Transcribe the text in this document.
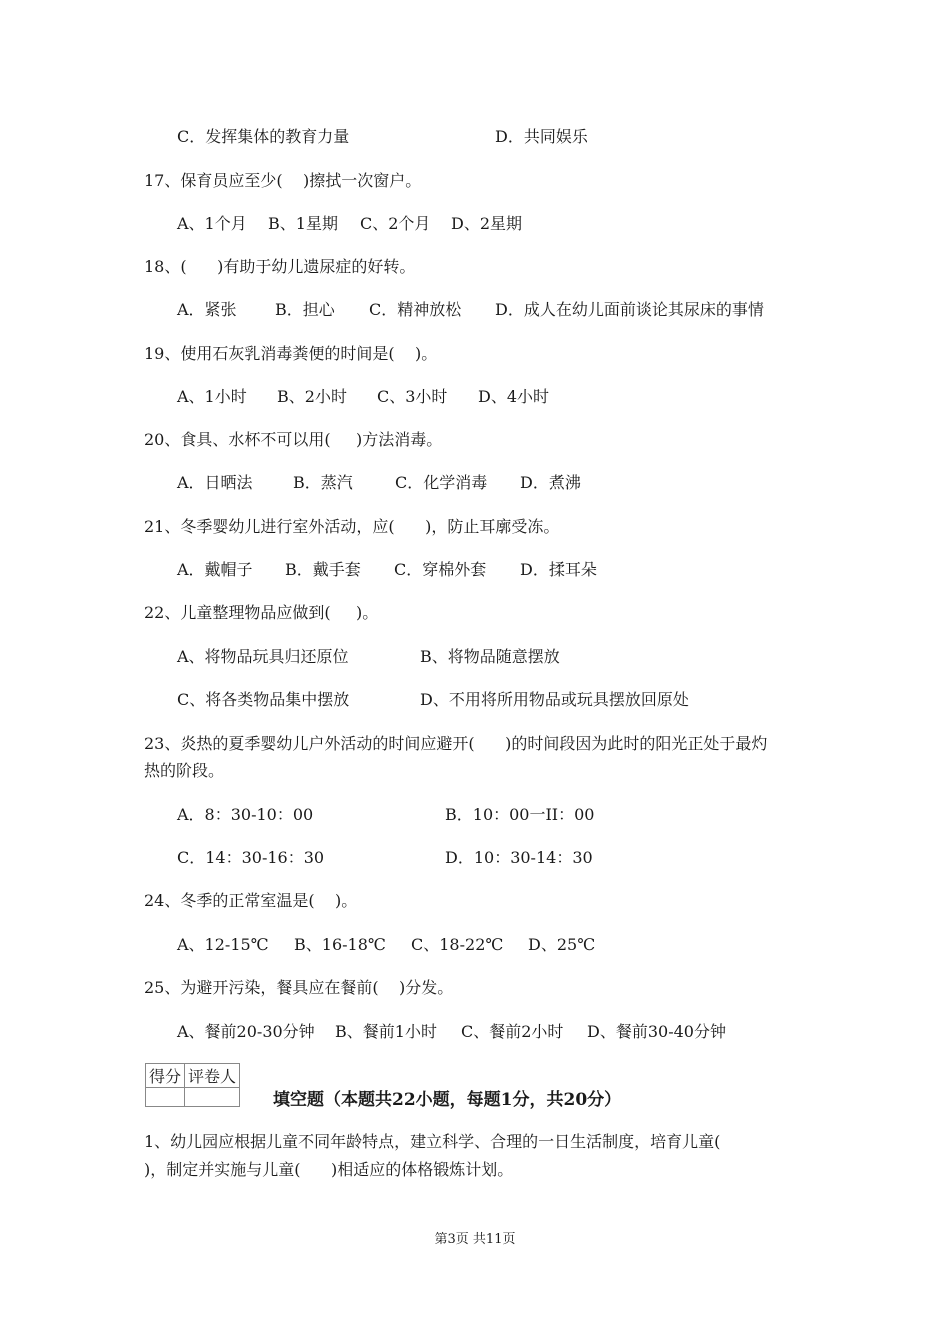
C．发挥集体的教育力量	D．共同娱乐
17、保育员应至少(    )擦拭一次窗户。
A、1个月 B、1星期 C、2个月 D、2星期
18、(      )有助于幼儿遗尿症的好转。
A．紧张 B．担心 C．精神放松 D．成人在幼儿面前谈论其尿床的事情
19、使用石灰乳消毒粪便的时间是(    )。
A、1小时 B、2小时 C、3小时 D、4小时
20、食具、水杯不可以用(     )方法消毒。
A．日晒法	B．蒸汽	C．化学消毒 D．煮沸
21、冬季婴幼儿进行室外活动，应(      )，防止耳廓受冻。
A．戴帽子 B．戴手套 C．穿棉外套 D．揉耳朵
22、儿童整理物品应做到(     )。
A、将物品玩具归还原位	B、将物品随意摆放
C、将各类物品集中摆放	D、不用将所用物品或玩具摆放回原处
23、炎热的夏季婴幼儿户外活动的时间应避开(      )的时间段因为此时的阳光正处于最灼
热的阶段。
A．8：30-10：00	B．10：00一II：00
C．14：30-16：30	D．10：30-14：30
24、冬季的正常室温是(    )。
A、12-15℃ B、16-18℃ C、18-22℃ D、25℃
25、为避开污染，餐具应在餐前(    )分发。
A、餐前20-30分钟 B、餐前1小时 C、餐前2小时 D、餐前30-40分钟
得分	评卷人

填空题（本题共22小题，每题1分，共20分）
1、幼儿园应根据儿童不同年龄特点，建立科学、合理的一日生活制度，培育儿童(
)，制定并实施与儿童(      )相适应的体格锻炼计划。
第3页 共11页
